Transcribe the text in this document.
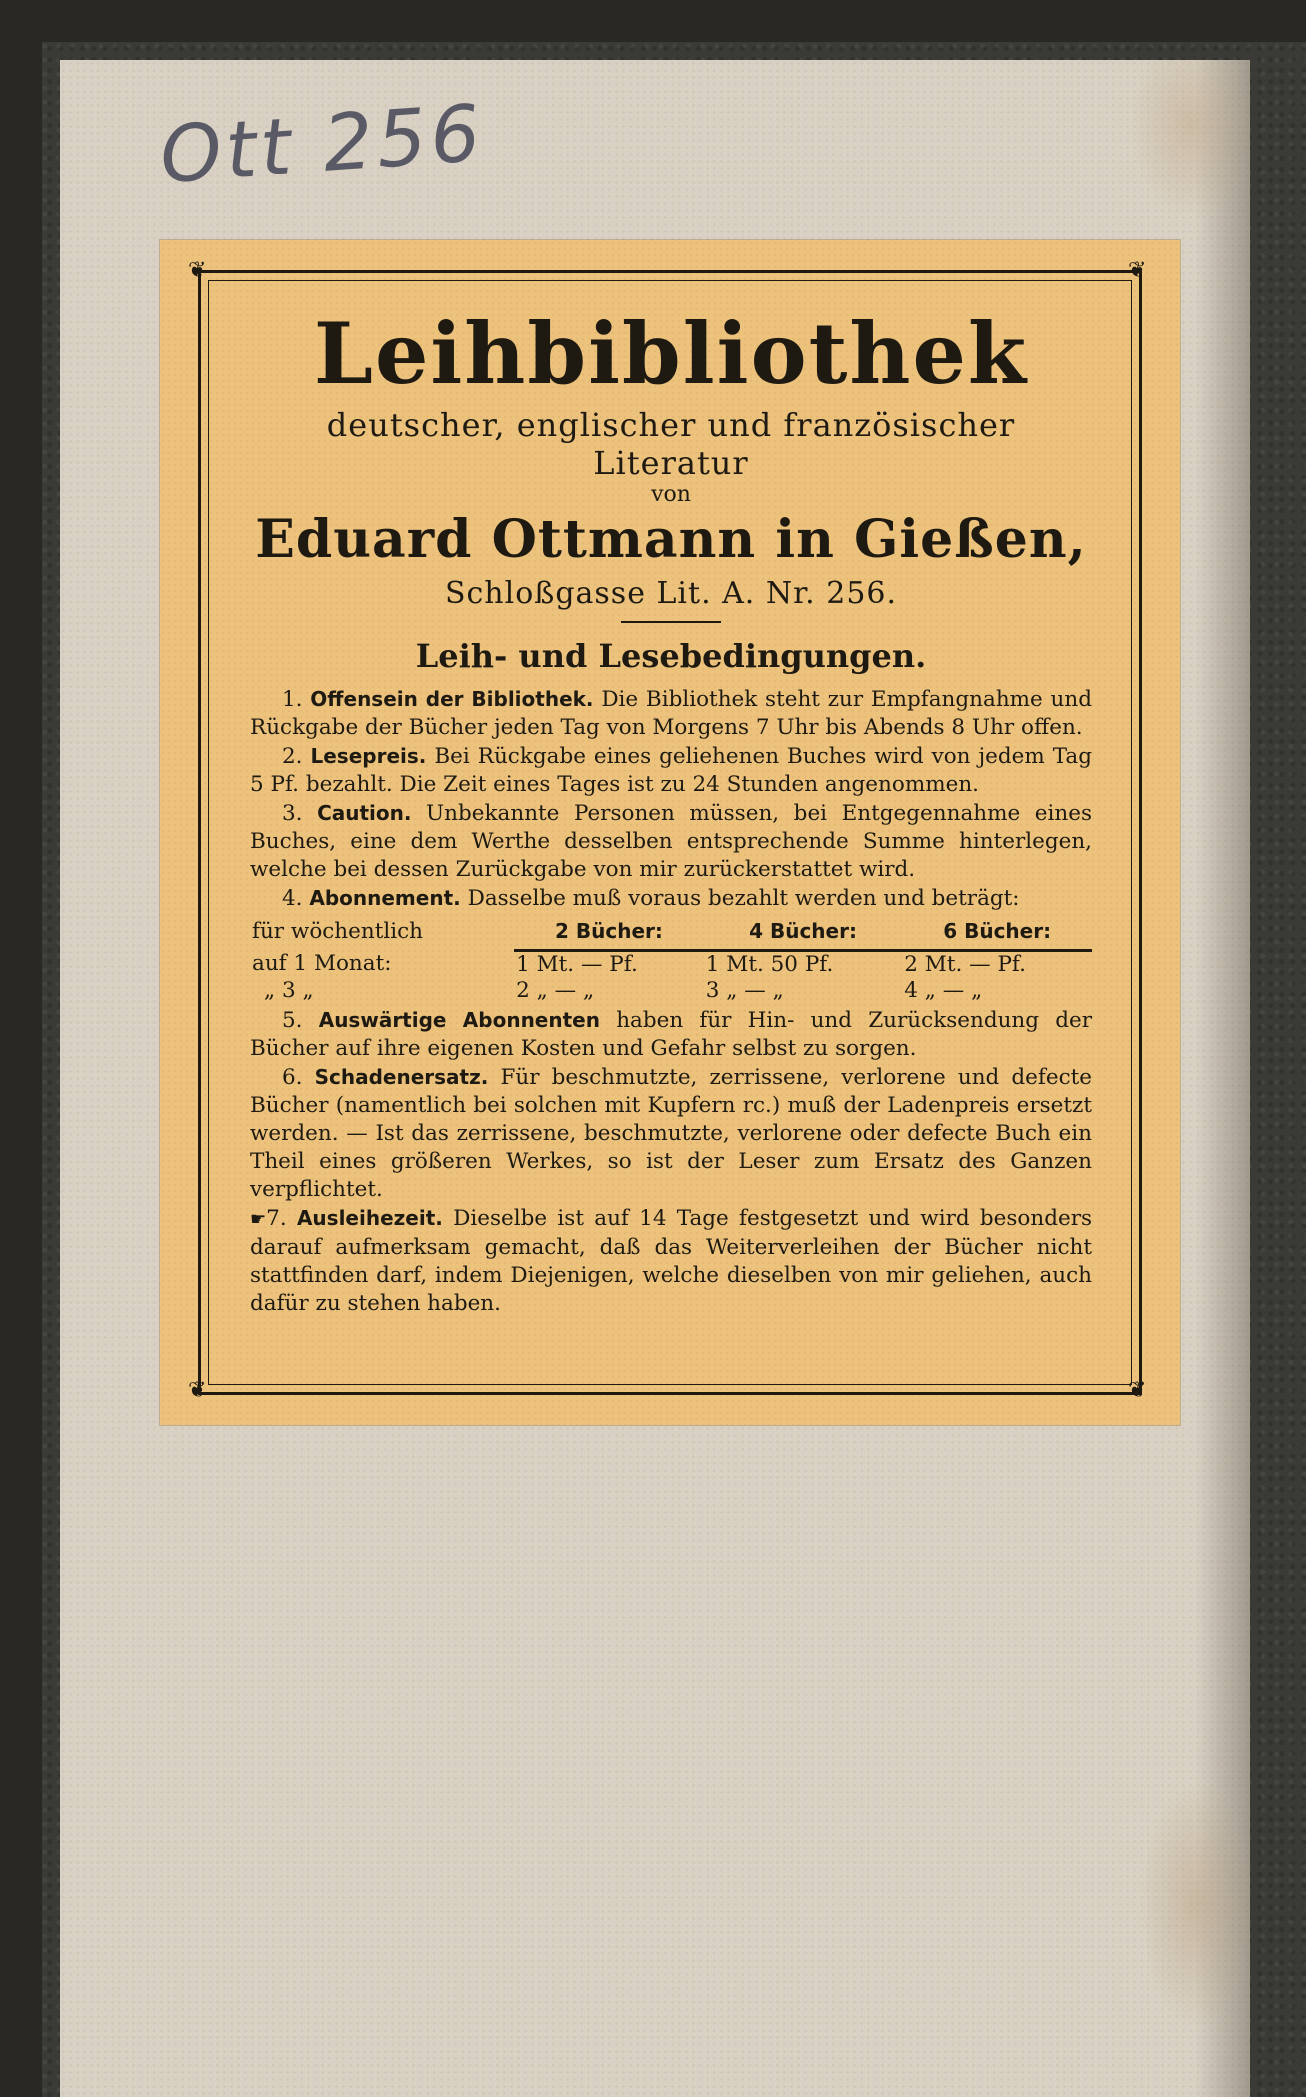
Ott 256
❦	❦
❦	❦
Leihbibliothek
deutscher, englischer und französischer Literatur
von
Eduard Ottmann in Gießen,
Schloßgasse Lit. A. Nr. 256.
Leih- und Lesebedingungen.

1. Offensein der Bibliothek. Die Bibliothek steht zur Empfangnahme und Rückgabe der Bücher jeden Tag von Morgens 7 Uhr bis Abends 8 Uhr offen.

2. Lesepreis. Bei Rückgabe eines geliehenen Buches wird von jedem Tag 5 Pf. bezahlt. Die Zeit eines Tages ist zu 24 Stunden angenommen.

3. Caution. Unbekannte Personen müssen, bei Entgegennahme eines Buches, eine dem Werthe desselben entsprechende Summe hinterlegen, welche bei dessen Zurückgabe von mir zurückerstattet wird.

4. Abonnement. Dasselbe muß voraus bezahlt werden und beträgt:

für wöchentlich	2 Bücher:	4 Bücher:	6 Bücher:
auf 1 Monat:	1 Mt. — Pf.	1 Mt. 50 Pf.	2 Mt. — Pf.
„ 3 „	2 „ — „	3 „ — „	4 „ — „

5. Auswärtige Abonnenten haben für Hin- und Zurücksendung der Bücher auf ihre eigenen Kosten und Gefahr selbst zu sorgen.

6. Schadenersatz. Für beschmutzte, zerrissene, verlorene und defecte Bücher (namentlich bei solchen mit Kupfern rc.) muß der Ladenpreis ersetzt werden. — Ist das zerrissene, beschmutzte, verlorene oder defecte Buch ein Theil eines größeren Werkes, so ist der Leser zum Ersatz des Ganzen verpflichtet.

☛7. Ausleihezeit. Dieselbe ist auf 14 Tage festgesetzt und wird besonders darauf aufmerksam gemacht, daß das Weiterverleihen der Bücher nicht stattfinden darf, indem Diejenigen, welche dieselben von mir geliehen, auch dafür zu stehen haben.
